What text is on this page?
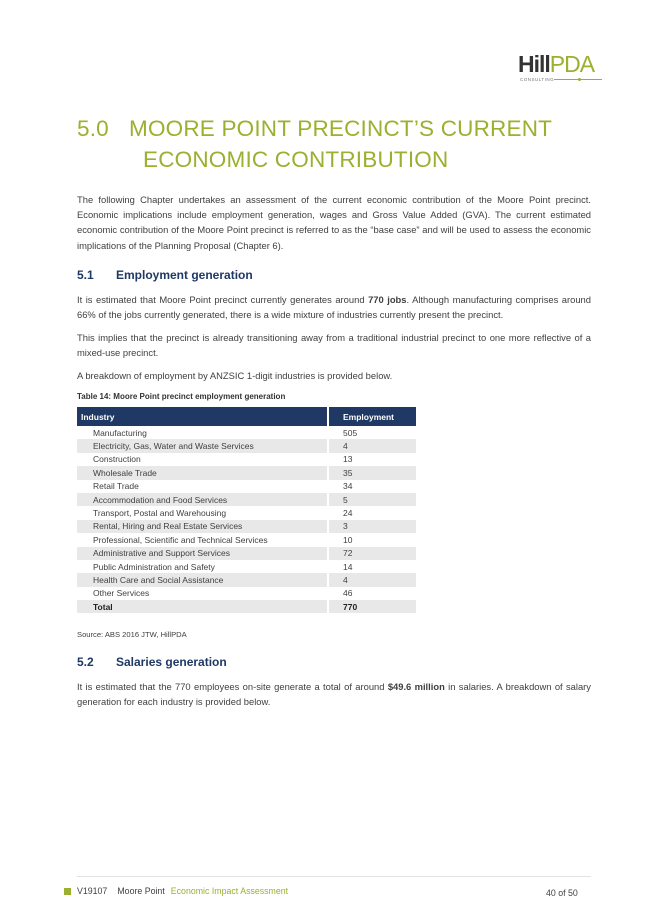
HillPDA
CONSULTING
5.0 MOORE POINT PRECINCT’S CURRENT
ECONOMIC CONTRIBUTION

The following Chapter undertakes an assessment of the current economic contribution of the Moore Point precinct. Economic implications include employment generation, wages and Gross Value Added (GVA). The current estimated economic contribution of the Moore Point precinct is referred to as the “base case” and will be used to assess the economic implications of the Planning Proposal (Chapter 6).

5.1 Employment generation

It is estimated that Moore Point precinct currently generates around 770 jobs. Although manufacturing comprises around 66% of the jobs currently generated, there is a wide mixture of industries currently present the precinct.

This implies that the precinct is already transitioning away from a traditional industrial precinct to one more reflective of a mixed-use precinct.

A breakdown of employment by ANZSIC 1-digit industries is provided below.

Table 14: Moore Point precinct employment generation
Industry	Employment
Manufacturing	505
Electricity, Gas, Water and Waste Services	4
Construction	13
Wholesale Trade	35
Retail Trade	34
Accommodation and Food Services	5
Transport, Postal and Warehousing	24
Rental, Hiring and Real Estate Services	3
Professional, Scientific and Technical Services	10
Administrative and Support Services	72
Public Administration and Safety	14
Health Care and Social Assistance	4
Other Services	46
Total	770
Source: ABS 2016 JTW, HillPDA
5.2 Salaries generation

It is estimated that the 770 employees on-site generate a total of around $49.6 million in salaries. A breakdown of salary generation for each industry is provided below.

V19107 Moore Point Economic Impact Assessment	40 of 50
